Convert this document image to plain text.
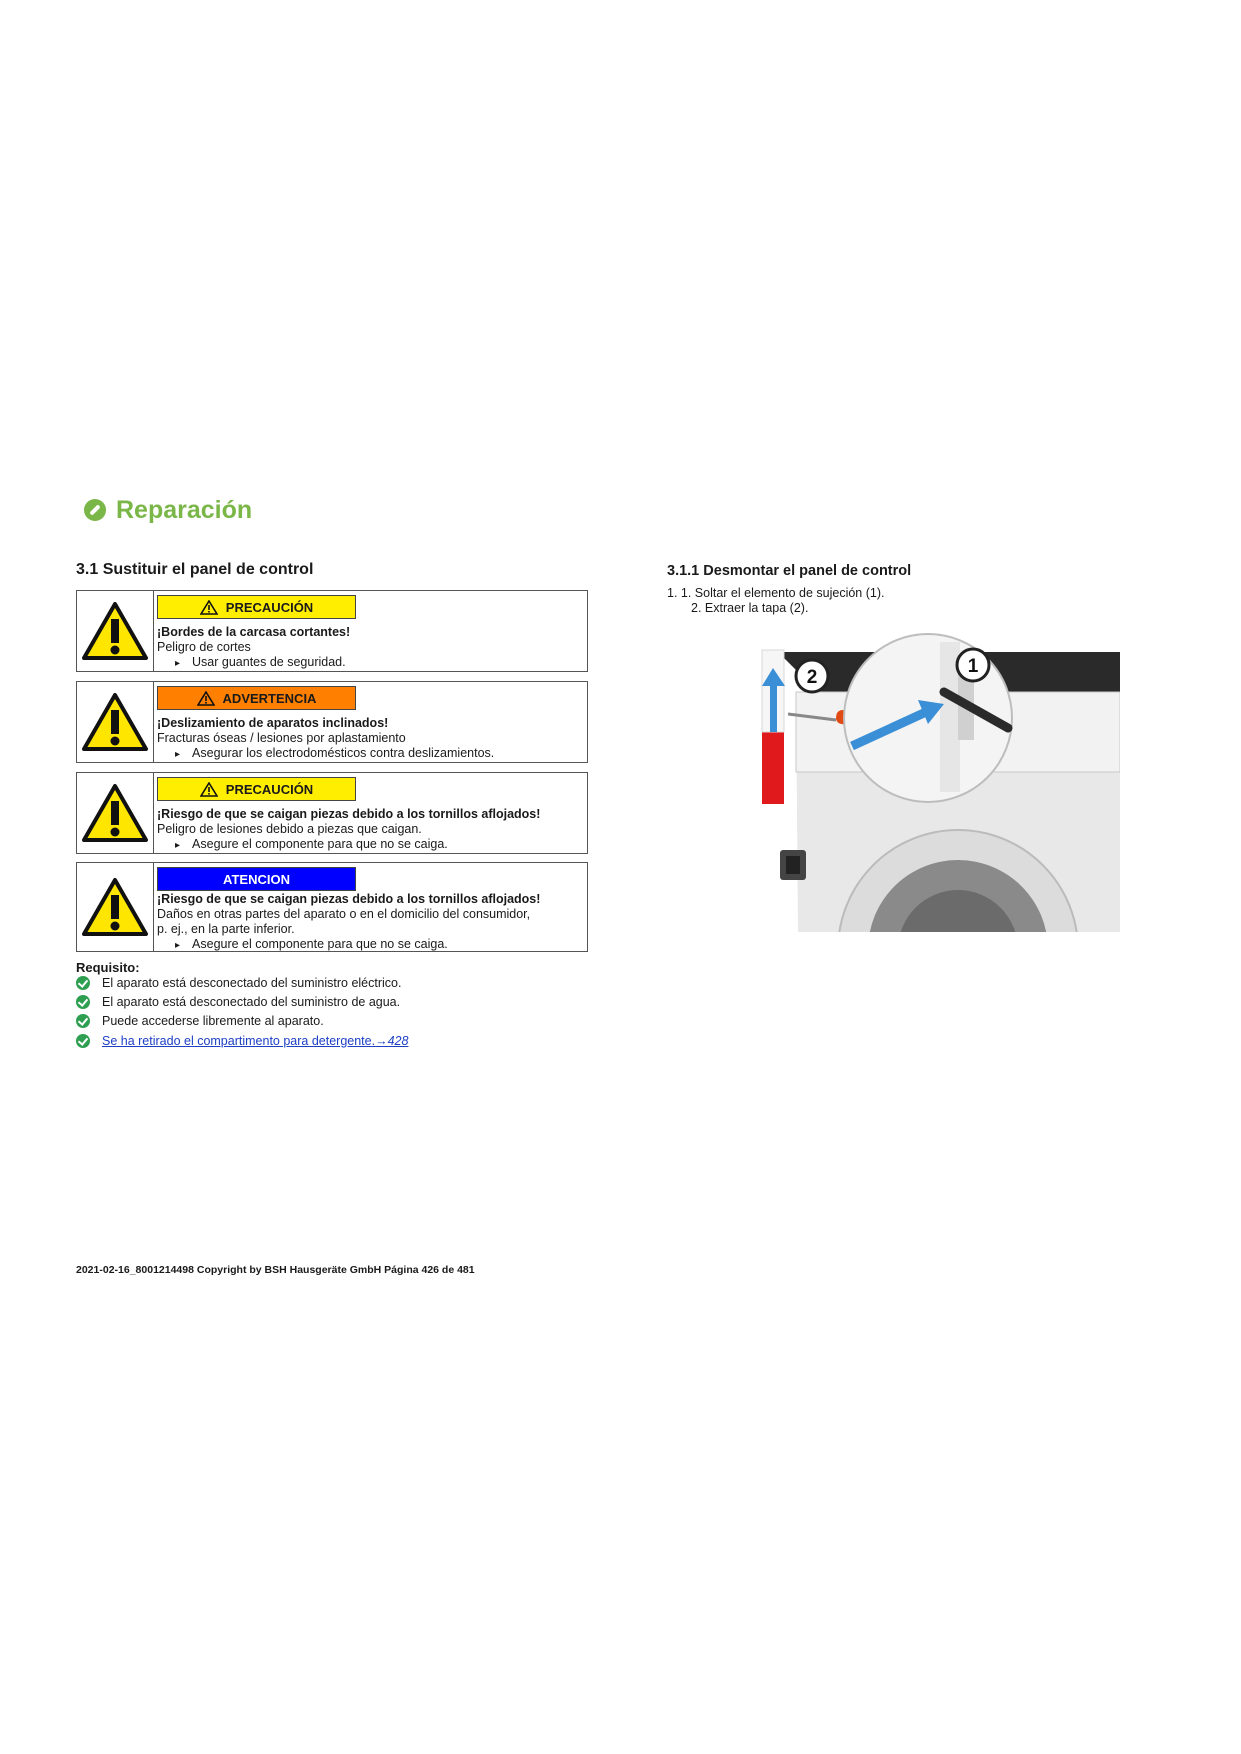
Reparación
3.1 Sustituir el panel de control	3.1.1 Desmontar el panel de control
PRECAUCIÓN
¡Bordes de la carcasa cortantes!
Peligro de cortes
▸ Usar guantes de seguridad.
ADVERTENCIA
¡Deslizamiento de aparatos inclinados!
Fracturas óseas / lesiones por aplastamiento
▸ Asegurar los electrodomésticos contra deslizamientos.
PRECAUCIÓN
¡Riesgo de que se caigan piezas debido a los tornillos aflojados!
Peligro de lesiones debido a piezas que caigan.
▸ Asegure el componente para que no se caiga.
ATENCION
¡Riesgo de que se caigan piezas debido a los tornillos aflojados!
Daños en otras partes del aparato o en el domicilio del consumidor,
p. ej., en la parte inferior.
▸ Asegure el componente para que no se caiga.
Requisito:
El aparato está desconectado del suministro eléctrico.
El aparato está desconectado del suministro de agua.
Puede accederse libremente al aparato.
Se ha retirado el compartimento para detergente.→428
1. 1. Soltar el elemento de sujeción (1).
2. Extraer la tapa (2).
2
1
2021-02-16_8001214498 Copyright by BSH Hausgeräte GmbH Página 426 de 481
